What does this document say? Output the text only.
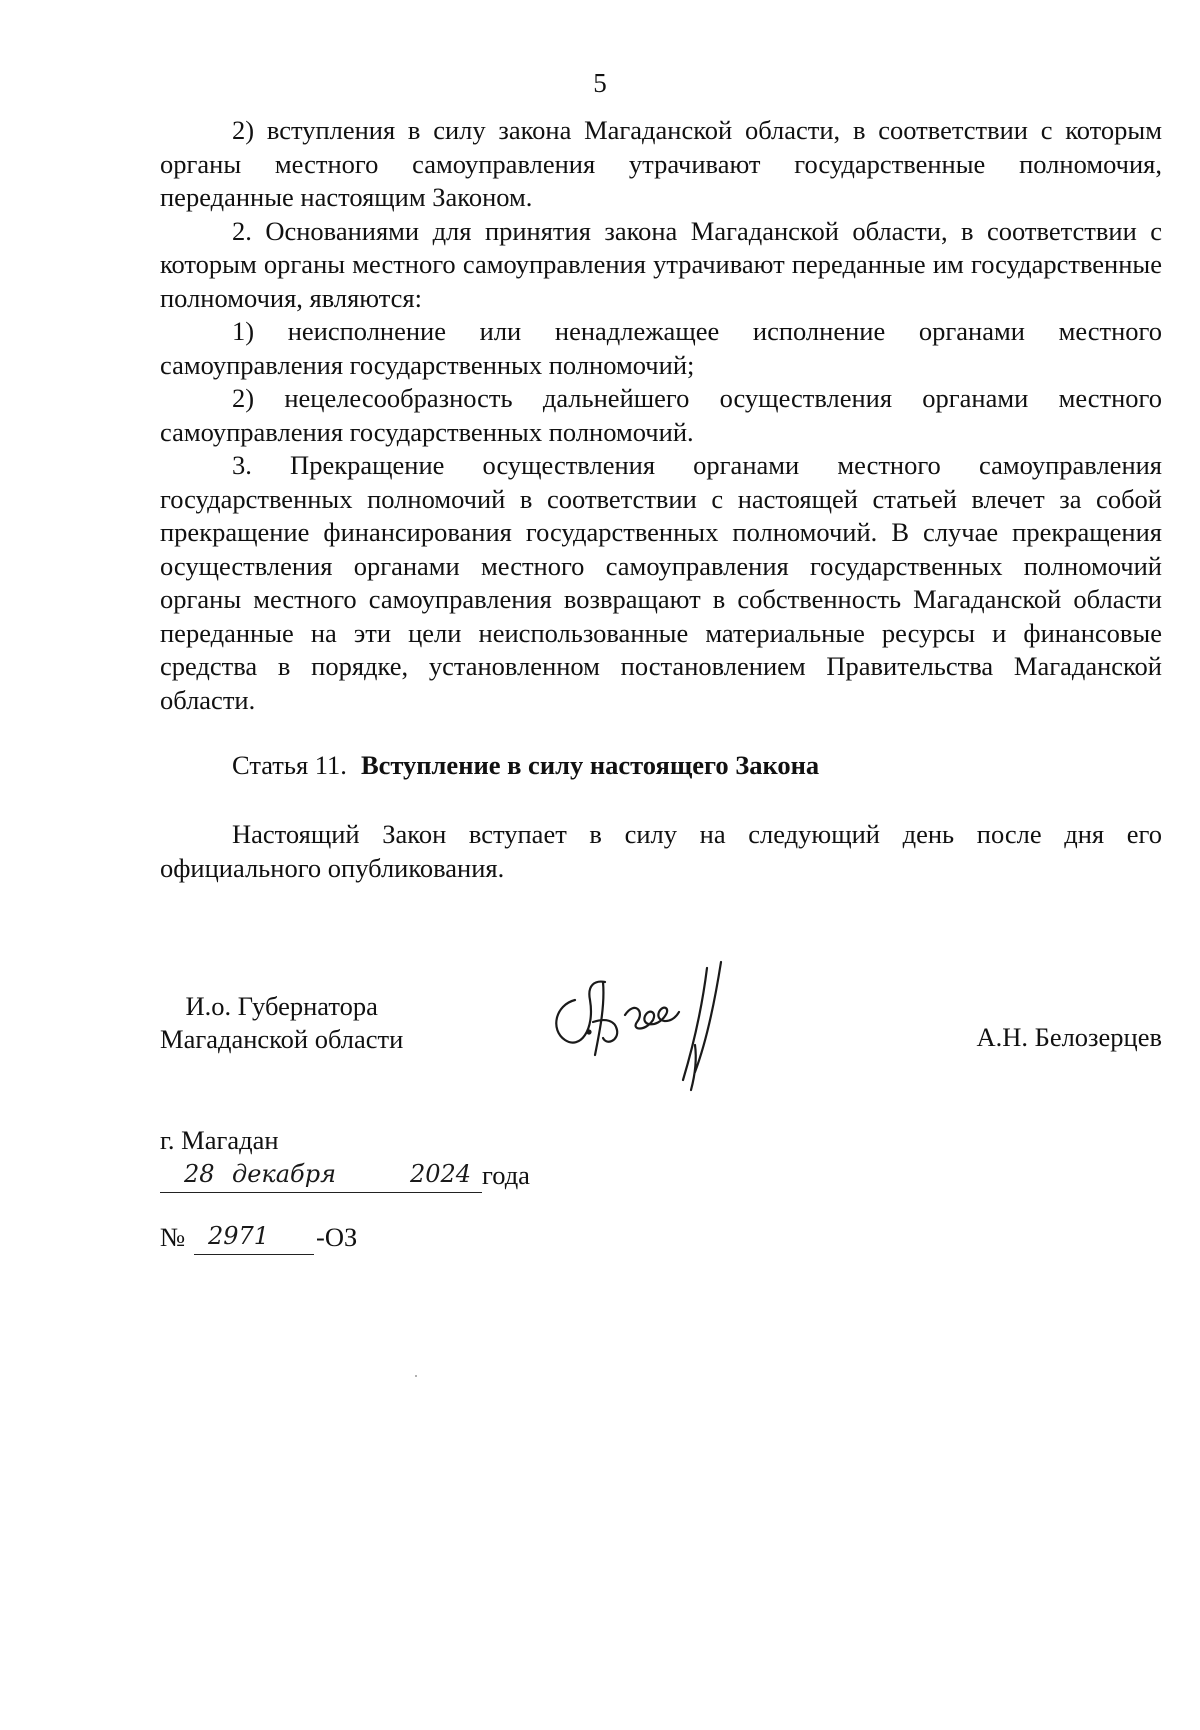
5

2) вступления в силу закона Магаданской области, в соответствии с которым органы местного самоуправления утрачивают государственные полномочия, переданные настоящим Законом.

2. Основаниями для принятия закона Магаданской области, в соответствии с которым органы местного самоуправления утрачивают переданные им государственные полномочия, являются:

1) неисполнение или ненадлежащее исполнение органами местного самоуправления государственных полномочий;

2) нецелесообразность дальнейшего осуществления органами местного самоуправления государственных полномочий.

3. Прекращение осуществления органами местного самоуправления государственных полномочий в соответствии с настоящей статьей влечет за собой прекращение финансирования государственных полномочий. В случае прекращения осуществления органами местного самоуправления государственных полномочий органы местного самоуправления возвращают в собственность Магаданской области переданные на эти цели неиспользованные материальные ресурсы и финансовые средства в порядке, установленном постановлением Правительства Магаданской области.

Статья 11. Вступление в силу настоящего Закона

Настоящий Закон вступает в силу на следующий день после дня его официального опубликования.

И.о. Губернатора
Магаданской области	А.Н. Белозерцев
г. Магадан
28 декабря	2024 года
№ 2971 -ОЗ
